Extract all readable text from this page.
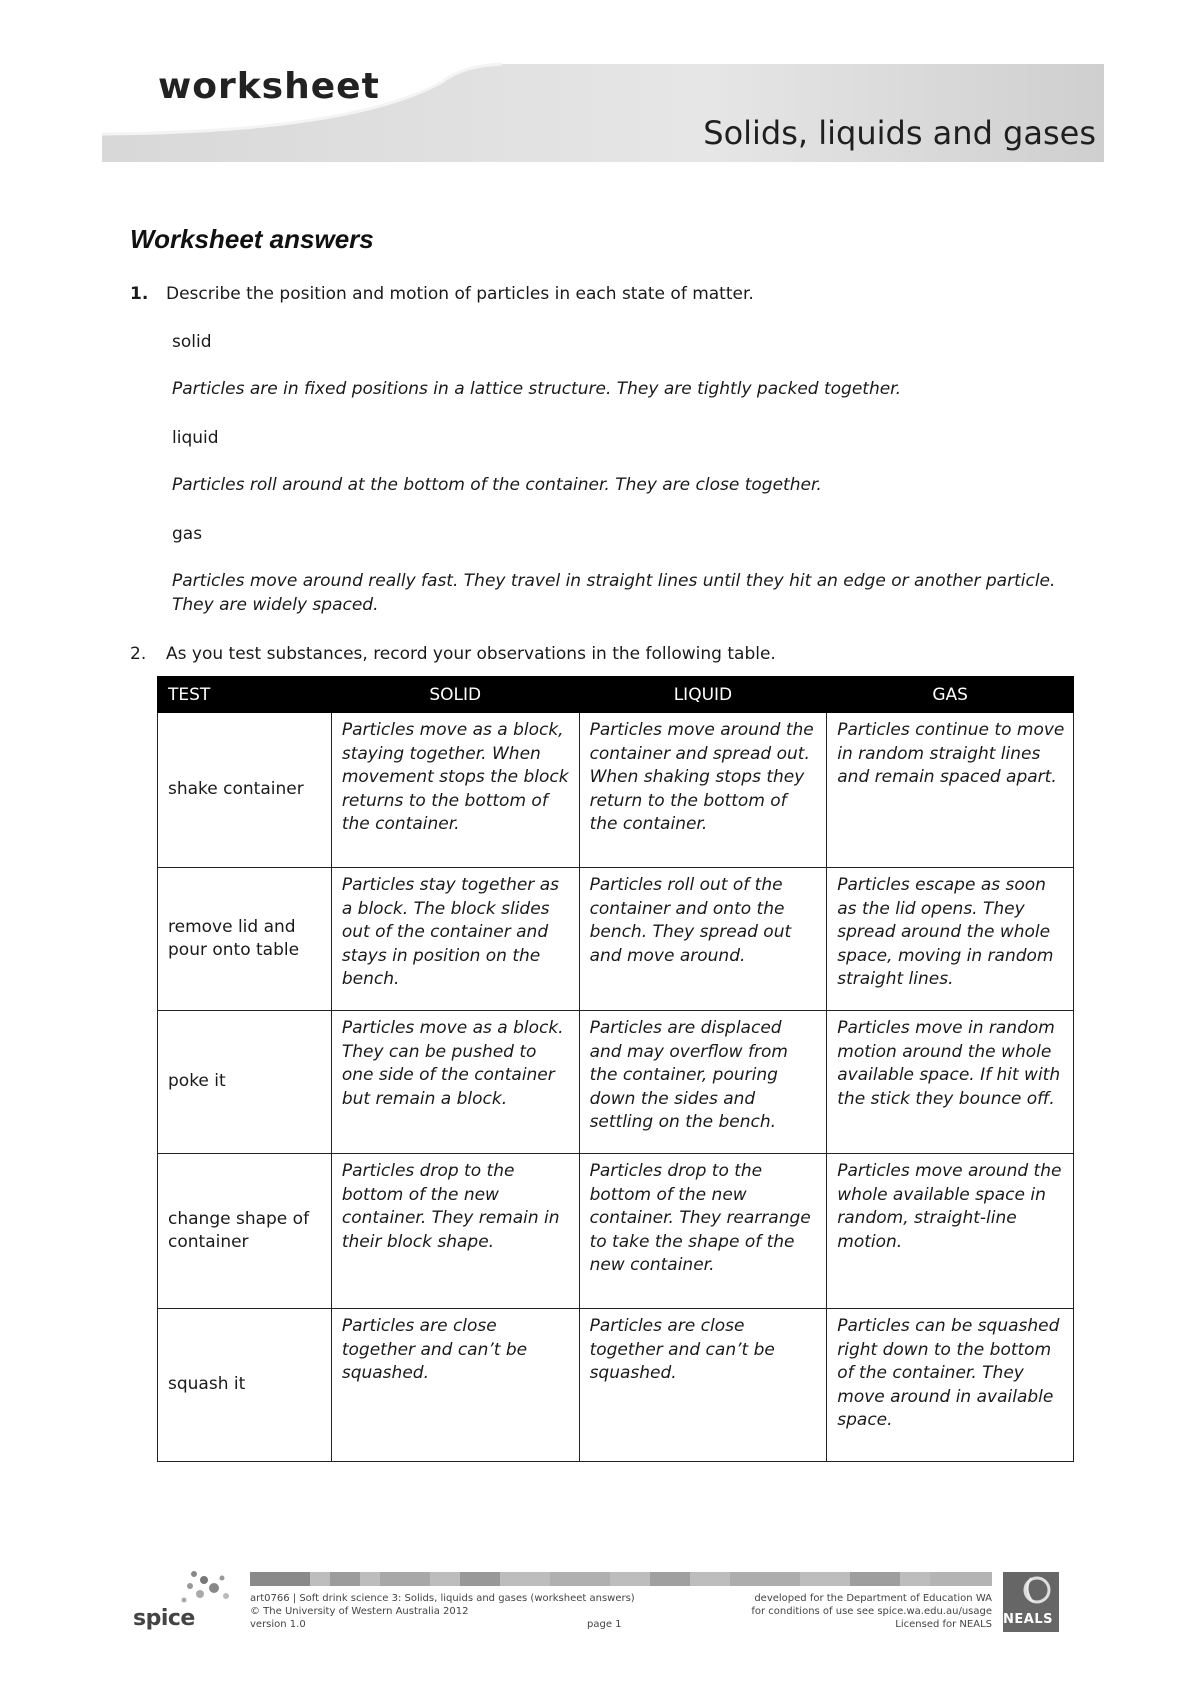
worksheet
Solids, liquids and gases
Worksheet answers
1. Describe the position and motion of particles in each state of matter.
solid
Particles are in fixed positions in a lattice structure. They are tightly packed together.
liquid
Particles roll around at the bottom of the container. They are close together.
gas
Particles move around really fast. They travel in straight lines until they hit an edge or another particle. They are widely spaced.
2. As you test substances, record your observations in the following table.
TEST	SOLID	LIQUID	GAS
shake container	Particles move as a block, staying together. When movement stops the block returns to the bottom of the container.	Particles move around the container and spread out. When shaking stops they return to the bottom of the container.	Particles continue to move in random straight lines and remain spaced apart.
remove lid and pour onto table	Particles stay together as a block. The block slides out of the container and stays in position on the bench.	Particles roll out of the container and onto the bench. They spread out and move around.	Particles escape as soon as the lid opens. They spread around the whole space, moving in random straight lines.
poke it	Particles move as a block. They can be pushed to one side of the container but remain a block.	Particles are displaced and may overflow from the container, pouring down the sides and settling on the bench.	Particles move in random motion around the whole available space. If hit with the stick they bounce off.
change shape of container	Particles drop to the bottom of the new container. They remain in their block shape.	Particles drop to the bottom of the new container. They rearrange to take the shape of the new container.	Particles move around the whole available space in random, straight-line motion.
squash it	Particles are close together and can’t be squashed.	Particles are close together and can’t be squashed.	Particles can be squashed right down to the bottom of the container. They move around in available space.
spice
art0766 | Soft drink science 3: Solids, liquids and gases (worksheet answers)
© The University of Western Australia 2012
version 1.0	page 1
developed for the Department of Education WA
for conditions of use see spice.wa.edu.au/usage
Licensed for NEALS NEALS
